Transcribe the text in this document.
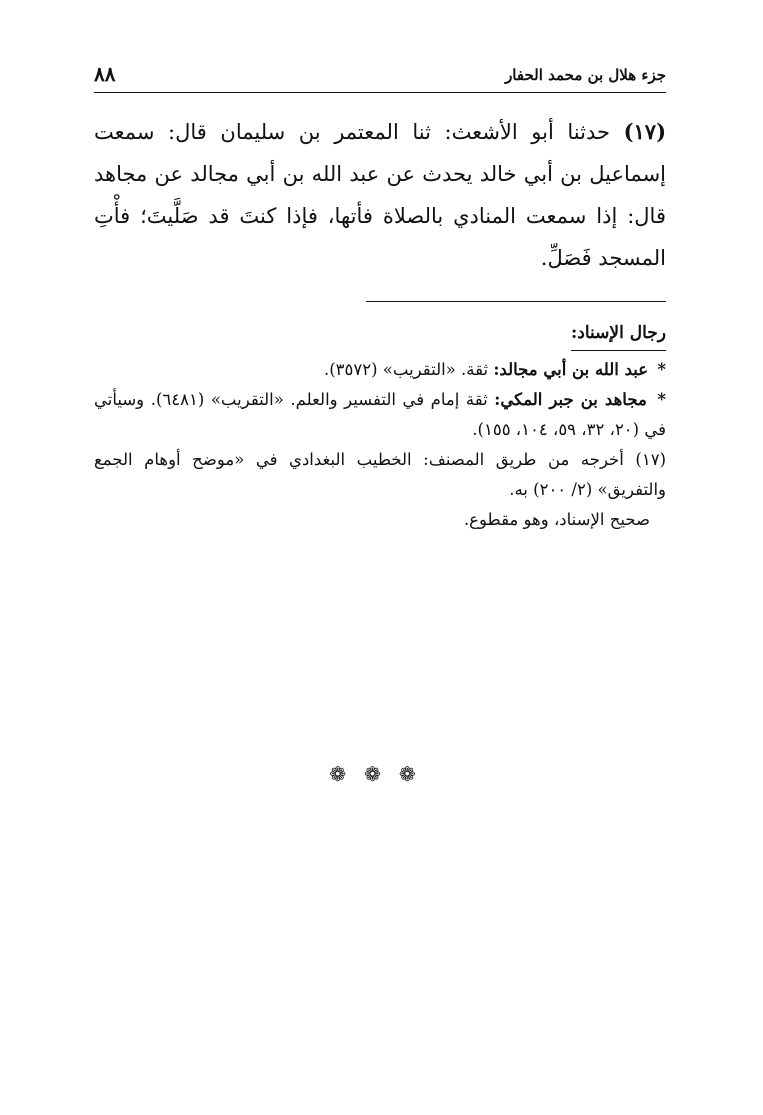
٨٨	جزء هلال بن محمد الحفار
(١٧) حدثنا أبو الأشعث: ثنا المعتمر بن سليمان قال: سمعت إسماعيل بن أبي خالد يحدث عن عبد الله بن أبي مجالد عن مجاهد قال: إذا سمعت المنادي بالصلاة فأتها، فإذا كنتَ قد صَلَّيتَ؛ فأْتِ المسجد فَصَلِّ.
رجال الإسناد:
* عبد الله بن أبي مجالد: ثقة. «التقريب» (٣٥٧٢).
* مجاهد بن جبر المكي: ثقة إمام في التفسير والعلم. «التقريب» (٦٤٨١). وسيأتي في (٢٠، ٣٢، ٥٩، ١٠٤، ١٥٥).
(١٧) أخرجه من طريق المصنف: الخطيب البغدادي في «موضح أوهام الجمع والتفريق» (٢/ ٢٠٠) به.
صحيح الإسناد، وهو مقطوع.
❁❁❁
